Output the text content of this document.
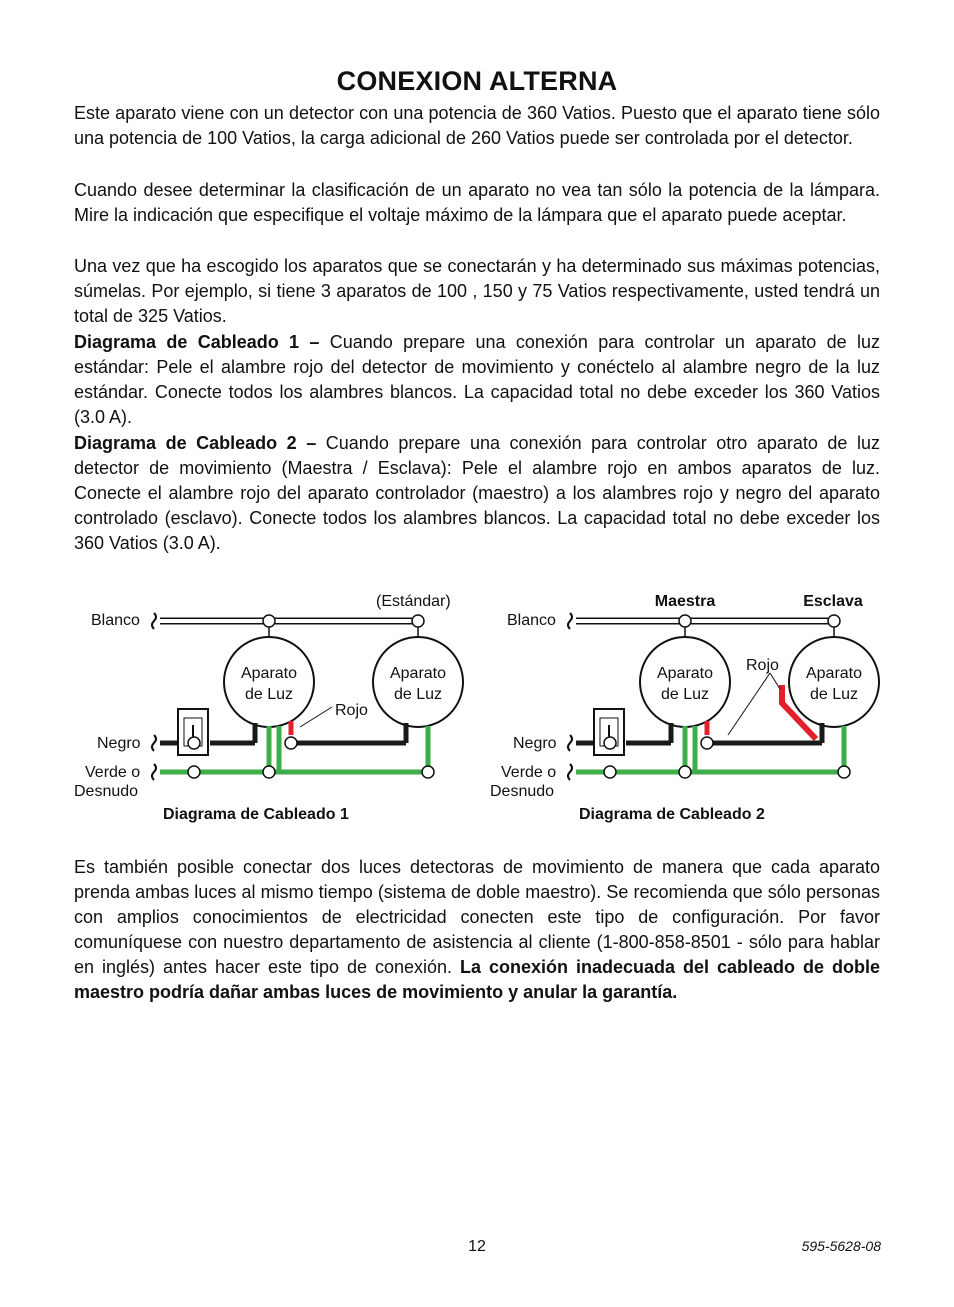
CONEXION ALTERNA

Este aparato viene con un detector con una potencia de 360 Vatios. Puesto que el aparato tiene sólo una potencia de 100 Vatios, la carga adicional de 260 Vatios puede ser controlada por el detector.

Cuando desee determinar la clasificación de un aparato no vea tan sólo la potencia de la lámpara. Mire la indicación que especifique el voltaje máximo de la lámpara que el aparato puede aceptar.

Una vez que ha escogido los aparatos que se conectarán y ha determinado sus máximas potencias, súmelas. Por ejemplo, si tiene 3 aparatos de 100 , 150 y 75 Vatios respectivamente, usted tendrá un total de 325 Vatios.

Diagrama de Cableado 1 – Cuando prepare una conexión para controlar un aparato de luz estándar: Pele el alambre rojo del detector de movimiento y conéctelo al alambre negro de la luz estándar. Conecte todos los alambres blancos. La capacidad total no debe exceder los 360 Vatios (3.0 A).

Diagrama de Cableado 2 – Cuando prepare una conexión para controlar otro aparato de luz detector de movimiento (Maestra / Esclava): Pele el alambre rojo en ambos aparatos de luz. Conecte el alambre rojo del aparato controlador (maestro) a los alambres rojo y negro del aparato controlado (esclavo). Conecte todos los alambres blancos. La capacidad total no debe exceder los 360 Vatios (3.0 A).

Blanco
Negro
Verde o
Desnudo
(Estándar)
Aparato
de Luz
Aparato
de Luz
Rojo
Diagrama de Cableado 1
Blanco
Negro
Verde o
Desnudo
Maestra	Esclava
Aparato
de Luz
Aparato
de Luz
Rojo
Diagrama de Cableado 2

Es también posible conectar dos luces detectoras de movimiento de manera que cada aparato prenda ambas luces al mismo tiempo (sistema de doble maestro). Se recomienda que sólo personas con amplios conocimientos de electricidad conecten este tipo de configuración. Por favor comuníquese con nuestro departamento de asistencia al cliente (1-800-858-8501 - sólo para hablar en inglés) antes hacer este tipo de conexión. La conexión inadecuada del cableado de doble maestro podría dañar ambas luces de movimiento y anular la garantía.

12	595-5628-08
